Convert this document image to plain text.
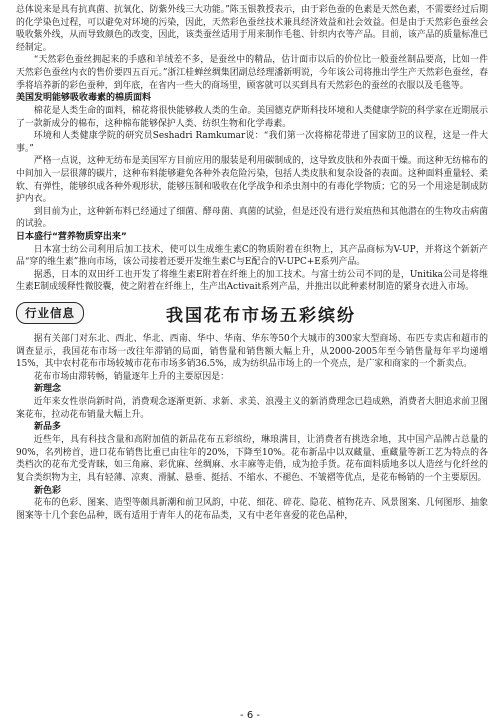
总体说来是具有抗真菌、抗氧化、防紫外线三大功能。”陈玉银教授表示，由于彩色蚕的色素是天然色素，不需要经过后期的化学染色过程，可以避免对环境的污染，因此，天然彩色蚕丝技术兼具经济效益和社会效益。但是由于天然彩色蚕丝会吸收紫外线，从而导致颜色的改变，因此，该类蚕丝适用于用来制作毛毯、针织内衣等产品。目前，该产品的质量标准已经制定。

“天然彩色蚕丝拥起来的手感和羊绒差不多，是蚕丝中的精品，估计面市以后的价位比一般蚕丝制品要高，比如一件天然彩色蚕丝内衣的售价要四五百元。”浙江桂蝉丝绸集团副总经理潘新明说，今年该公司将推出学生产天然彩色蚕丝，春季将培养新的彩色蚕种，到年底，在省内一些大的商场里，顾客就可以买到具有天然彩色的蚕丝的衣服以及毛毯等。

美国发明能够吸收毒素的棉质面料

棉花是人类生命的面料，棉花将很快能够救人类的生命。美国德克萨斯科技环境和人类健康学院的科学家在近期展示了一款新成分的棉布，这种棉布能够保护人类、纺织生物和化学毒素。

环境和人类健康学院的研究员Seshadri Ramkumar说：“我们第一次将棉花带进了国家防卫的议程，这是一件大事。”

严格一点说，这种无纺布是美国军方目前应用的服装是利用碳制成的，这导致皮肤和外表面干燥。而这种无纺棉布的中间加入一层很薄的碳片，这种布料能够避免各种外表危险污染，包括人类皮肤和复杂设备的表面。这种面料重量轻、柔软、有弹性，能够织成各种外观形状，能够压制和吸收在化学战争和杀虫剂中的有毒化学物质；它的另一个用途是制成防护内衣。

到目前为止，这种新布料已经通过了细菌、酵母菌、真菌的试验，但是还没有进行炭疽热和其他潜在的生物攻击病菌的试验。

日本盛行“营养物质穿出来”

日本富士纺公司利用后加工技术，使可以生成维生素C的物质附着在织物上，其产品商标为V-UP，并将这个新新产品“穿的维生素”推向市场，该公司接着还要开发维生素C与E配合的V-UPC+E系列产品。

据悉，日本的双田纤工也开发了将维生素E附着在纤维上的加工技术。与富士纺公司不同的是，Unitika公司是将维生素E制成缓释性微胶囊，使之附着在纤维上，生产出Activait系列产品，并推出以此种素材制造的紧身衣进入市场。

行业信息	我国花布市场五彩缤纷

据有关部门对东北、西北、华北、西南、华中、华南、华东等50个大城市的300家大型商场、布匹专卖店和超市的调查显示，我国花布市场一改往年滞销的局面，销售量和销售额大幅上升，从2000-2005年至今销售量每年平均递增15%，其中农村花布市场较城市花布市场多销36.5%，成为纺织品市场上的一个亮点，是广家和商家的一个新卖点。

花布市场由滞转畅，销量逐年上升的主要原因是：

新理念

近年来女性崇尚新时尚，消费观念逐渐更新、求新、求美、浪漫主义的新消费理念已趋成熟，消费者大胆追求前卫图案花布，拉动花布销量大幅上升。

新品多

近些年，具有科技含量和高附加值的新品花布五彩缤纷，琳琅满目，让消费者有挑选余地，其中国产品牌占总量的90%，名列榜首，进口花布销售比重已由往年的20%，下降至10%。花布新品中以双藏量、重藏量等新工艺为特点的各类档次的花布尤受青睐，如三角麻、彩优麻、丝绸麻、水丰麻等走俏，成为抢手货。花布面料质地多以人造丝与化纤丝的复合类织物为主，具有轻薄、凉爽、滑腻、悬垂、挺括、不缩水、不褪色、不皱褶等优点，是花布畅销的一个主要原因。

新色彩

花布的色彩、图案、造型等颇具新潮和前卫风韵，中花、细花、碎花、隐花、植物花卉、风景图案、几何图形、抽象图案等十几个套色品种，既有适用于青年人的花布品类，又有中老年喜爱的花色品种，

- 6 -
